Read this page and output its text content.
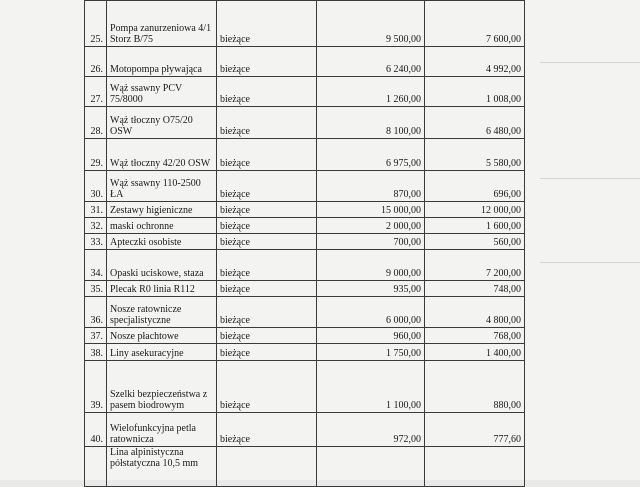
25.	Pompa zanurzeniowa 4/1 Storz B/75	bieżące	9 500,00	7 600,00
26.	Motopompa pływająca	bieżące	6 240,00	4 992,00
27.	Wąż ssawny PCV 75/8000	bieżące	1 260,00	1 008,00
28.	Wąż tłoczny O75/20 OSW	bieżące	8 100,00	6 480,00
29.	Wąż tłoczny 42/20 OSW	bieżące	6 975,00	5 580,00
30.	Wąż ssawny 110-2500 ŁA	bieżące	870,00	696,00
31.	Zestawy higieniczne	bieżące	15 000,00	12 000,00
32.	maski ochronne	bieżące	2 000,00	1 600,00
33.	Apteczki osobiste	bieżące	700,00	560,00
34.	Opaski uciskowe, staza	bieżące	9 000,00	7 200,00
35.	Plecak R0 linia R112	bieżące	935,00	748,00
36.	Nosze ratownicze specjalistyczne	bieżące	6 000,00	4 800,00
37.	Nosze płachtowe	bieżące	960,00	768,00
38.	Liny asekuracyjne	bieżące	1 750,00	1 400,00
39.	Szelki bezpieczeństwa z pasem biodrowym	bieżące	1 100,00	880,00
40.	Wielofunkcyjna petla ratownicza	bieżące	972,00	777,60
	Lina alpinistyczna półstatyczna 10,5 mm			
